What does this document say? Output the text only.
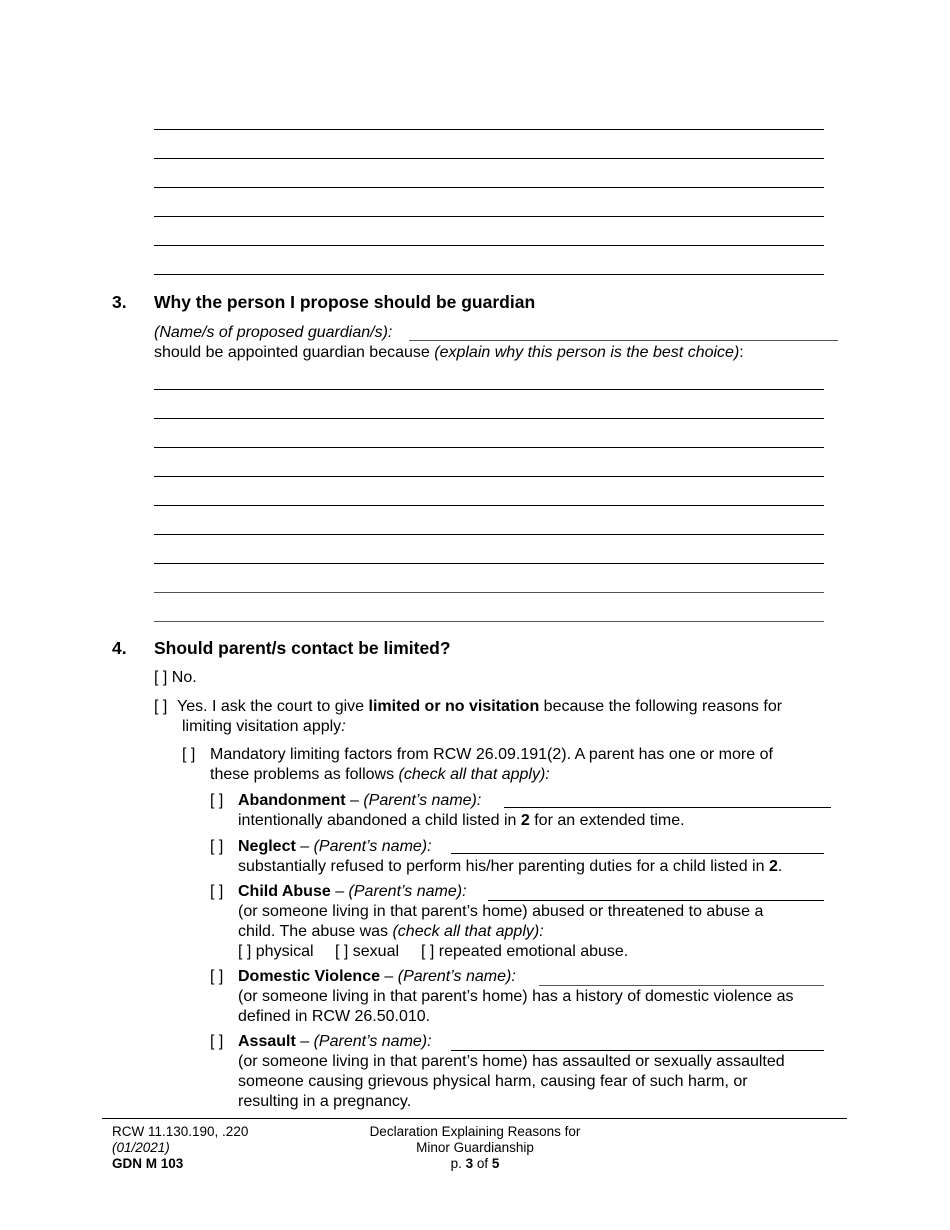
3. Why the person I propose should be guardian
(Name/s of proposed guardian/s):
should be appointed guardian because (explain why this person is the best choice):
4. Should parent/s contact be limited?
[ ] No.
[ ] Yes. I ask the court to give limited or no visitation because the following reasons for
limiting visitation apply:
[ ] Mandatory limiting factors from RCW 26.09.191(2). A parent has one or more of
these problems as follows (check all that apply):
[ ] Abandonment – (Parent’s name):
intentionally abandoned a child listed in 2 for an extended time.
[ ] Neglect – (Parent’s name):
substantially refused to perform his/her parenting duties for a child listed in 2.
[ ] Child Abuse – (Parent’s name):
(or someone living in that parent’s home) abused or threatened to abuse a
child. The abuse was (check all that apply):
[ ] physical [ ] sexual [ ] repeated emotional abuse.
[ ] Domestic Violence – (Parent’s name):
(or someone living in that parent’s home) has a history of domestic violence as
defined in RCW 26.50.010.
[ ] Assault – (Parent’s name):
(or someone living in that parent’s home) has assaulted or sexually assaulted
someone causing grievous physical harm, causing fear of such harm, or
resulting in a pregnancy.
RCW 11.130.190, .220
(01/2021)
GDN M 103
Declaration Explaining Reasons for
Minor Guardianship
p. 3 of 5
